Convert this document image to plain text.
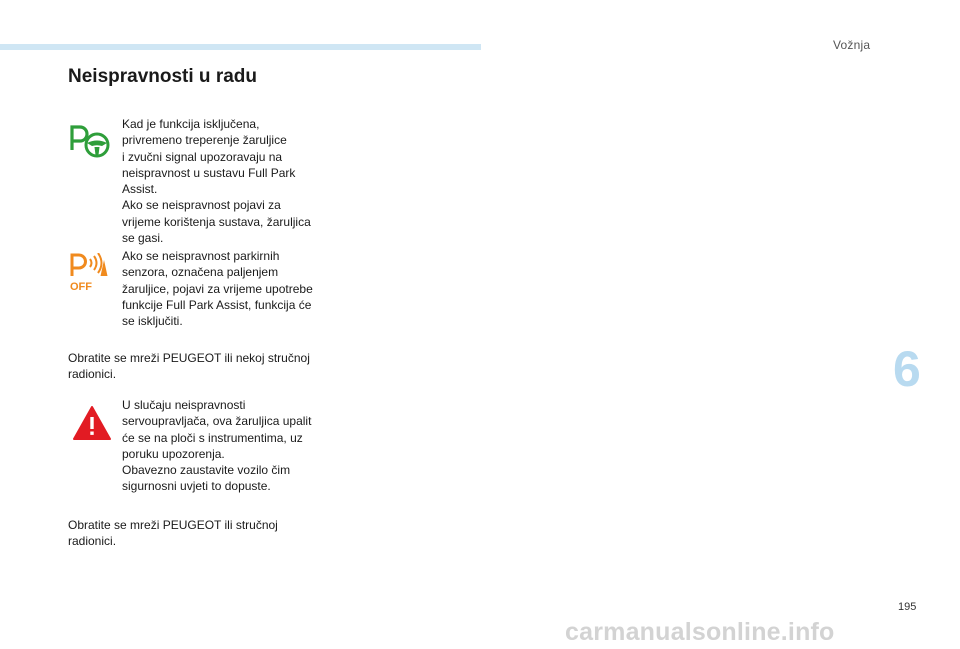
Vožnja
6
Neispravnosti u radu

Kad je funkcija isključena,
privremeno treperenje žaruljice
i zvučni signal upozoravaju na
neispravnost u sustavu Full Park
Assist.
Ako se neispravnost pojavi za
vrijeme korištenja sustava, žaruljica
se gasi.

OFF

Ako se neispravnost parkirnih
senzora, označena paljenjem
žaruljice, pojavi za vrijeme upotrebe
funkcije Full Park Assist, funkcija će
se isključiti.

Obratite se mreži PEUGEOT ili nekoj stručnoj
radionici.

U slučaju neispravnosti
servoupravljača, ova žaruljica upalit
će se na ploči s instrumentima, uz
poruku upozorenja.
Obavezno zaustavite vozilo čim
sigurnosni uvjeti to dopuste.

Obratite se mreži PEUGEOT ili stručnoj
radionici.

195
carmanualsonline.info
